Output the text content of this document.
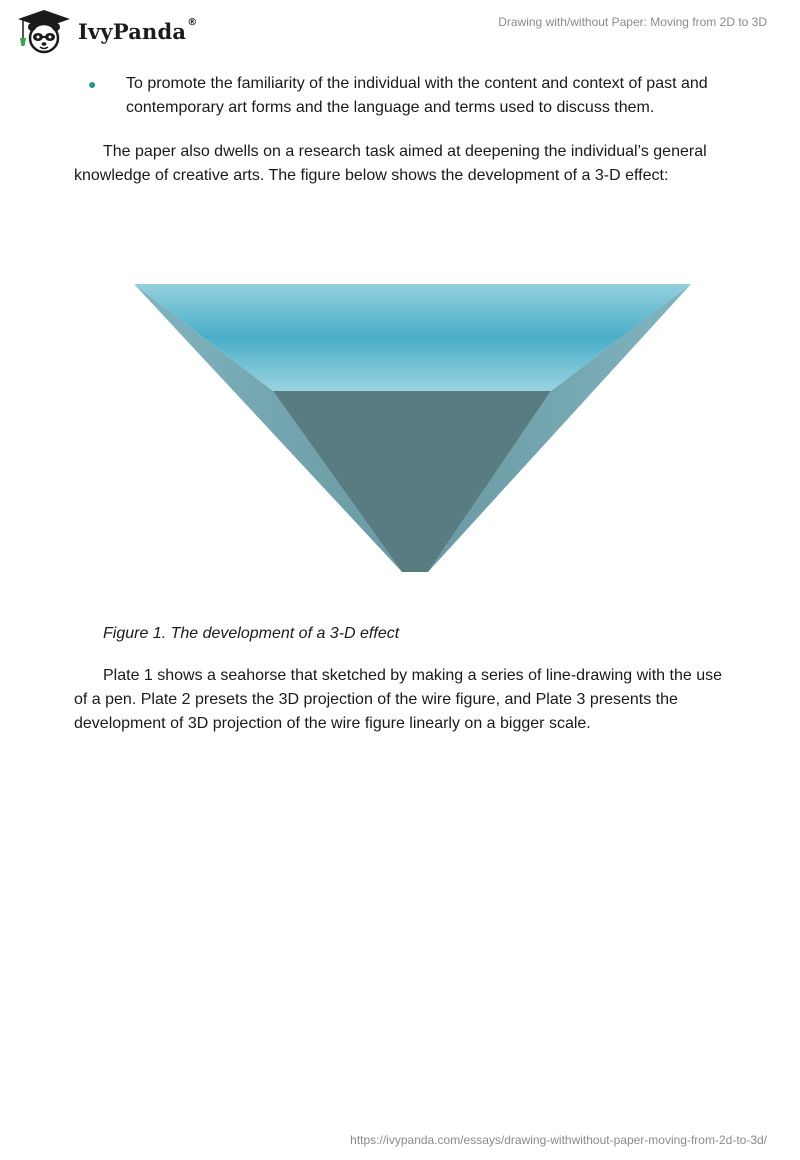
IvyPanda®	Drawing with/without Paper: Moving from 2D to 3D
● To promote the familiarity of the individual with the content and context of past and contemporary art forms and the language and terms used to discuss them.

The paper also dwells on a research task aimed at deepening the individual’s general knowledge of creative arts. The figure below shows the development of a 3-D effect:

Figure 1. The development of a 3-D effect

Plate 1 shows a seahorse that sketched by making a series of line-drawing with the use of a pen. Plate 2 presets the 3D projection of the wire figure, and Plate 3 presents the development of 3D projection of the wire figure linearly on a bigger scale.

https://ivypanda.com/essays/drawing-withwithout-paper-moving-from-2d-to-3d/
